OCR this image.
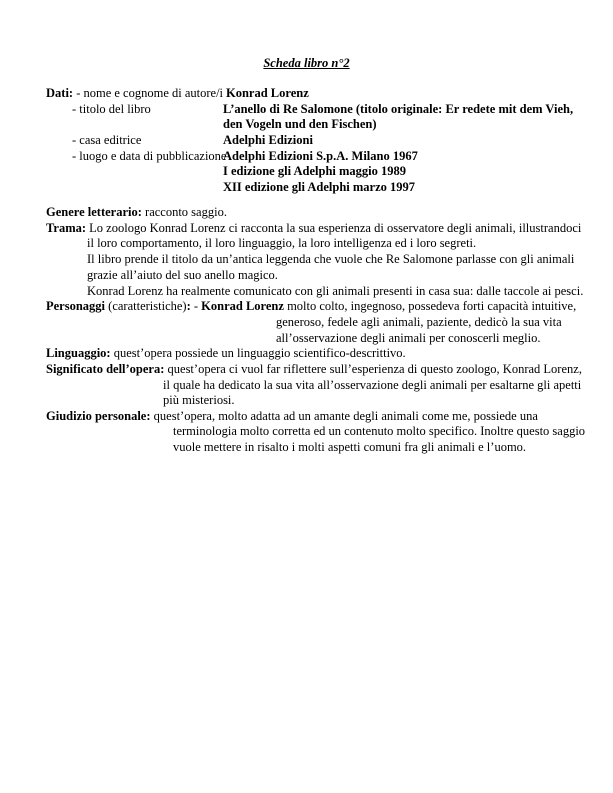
Scheda libro n°2
Dati: - nome e cognome di autore/i Konrad Lorenz
- titolo del libro	L’anello di Re Salomone (titolo originale: Er redete mit dem Vieh,
den Vogeln und den Fischen)
- casa editrice	Adelphi Edizioni
- luogo e data di pubblicazione
Adelphi Edizioni S.p.A. Milano 1967
I edizione gli Adelphi maggio 1989
XII edizione gli Adelphi marzo 1997
Genere letterario: racconto saggio.
Trama: Lo zoologo Konrad Lorenz ci racconta la sua esperienza di osservatore degli animali, illustrandoci
il loro comportamento, il loro linguaggio, la loro intelligenza ed i loro segreti.
Il libro prende il titolo da un’antica leggenda che vuole che Re Salomone parlasse con gli animali
grazie all’aiuto del suo anello magico.
Konrad Lorenz ha realmente comunicato con gli animali presenti in casa sua: dalle taccole ai pesci.
Personaggi (caratteristiche): - Konrad Lorenz molto colto, ingegnoso, possedeva forti capacità intuitive,
generoso, fedele agli animali, paziente, dedicò la sua vita
all’osservazione degli animali per conoscerli meglio.
Linguaggio: quest’opera possiede un linguaggio scientifico-descrittivo.
Significato dell’opera: quest’opera ci vuol far riflettere sull’esperienza di questo zoologo, Konrad Lorenz,
il quale ha dedicato la sua vita all’osservazione degli animali per esaltarne gli apetti
più misteriosi.
Giudizio personale: quest’opera, molto adatta ad un amante degli animali come me, possiede una
terminologia molto corretta ed un contenuto molto specifico. Inoltre questo saggio
vuole mettere in risalto i molti aspetti comuni fra gli animali e l’uomo.
